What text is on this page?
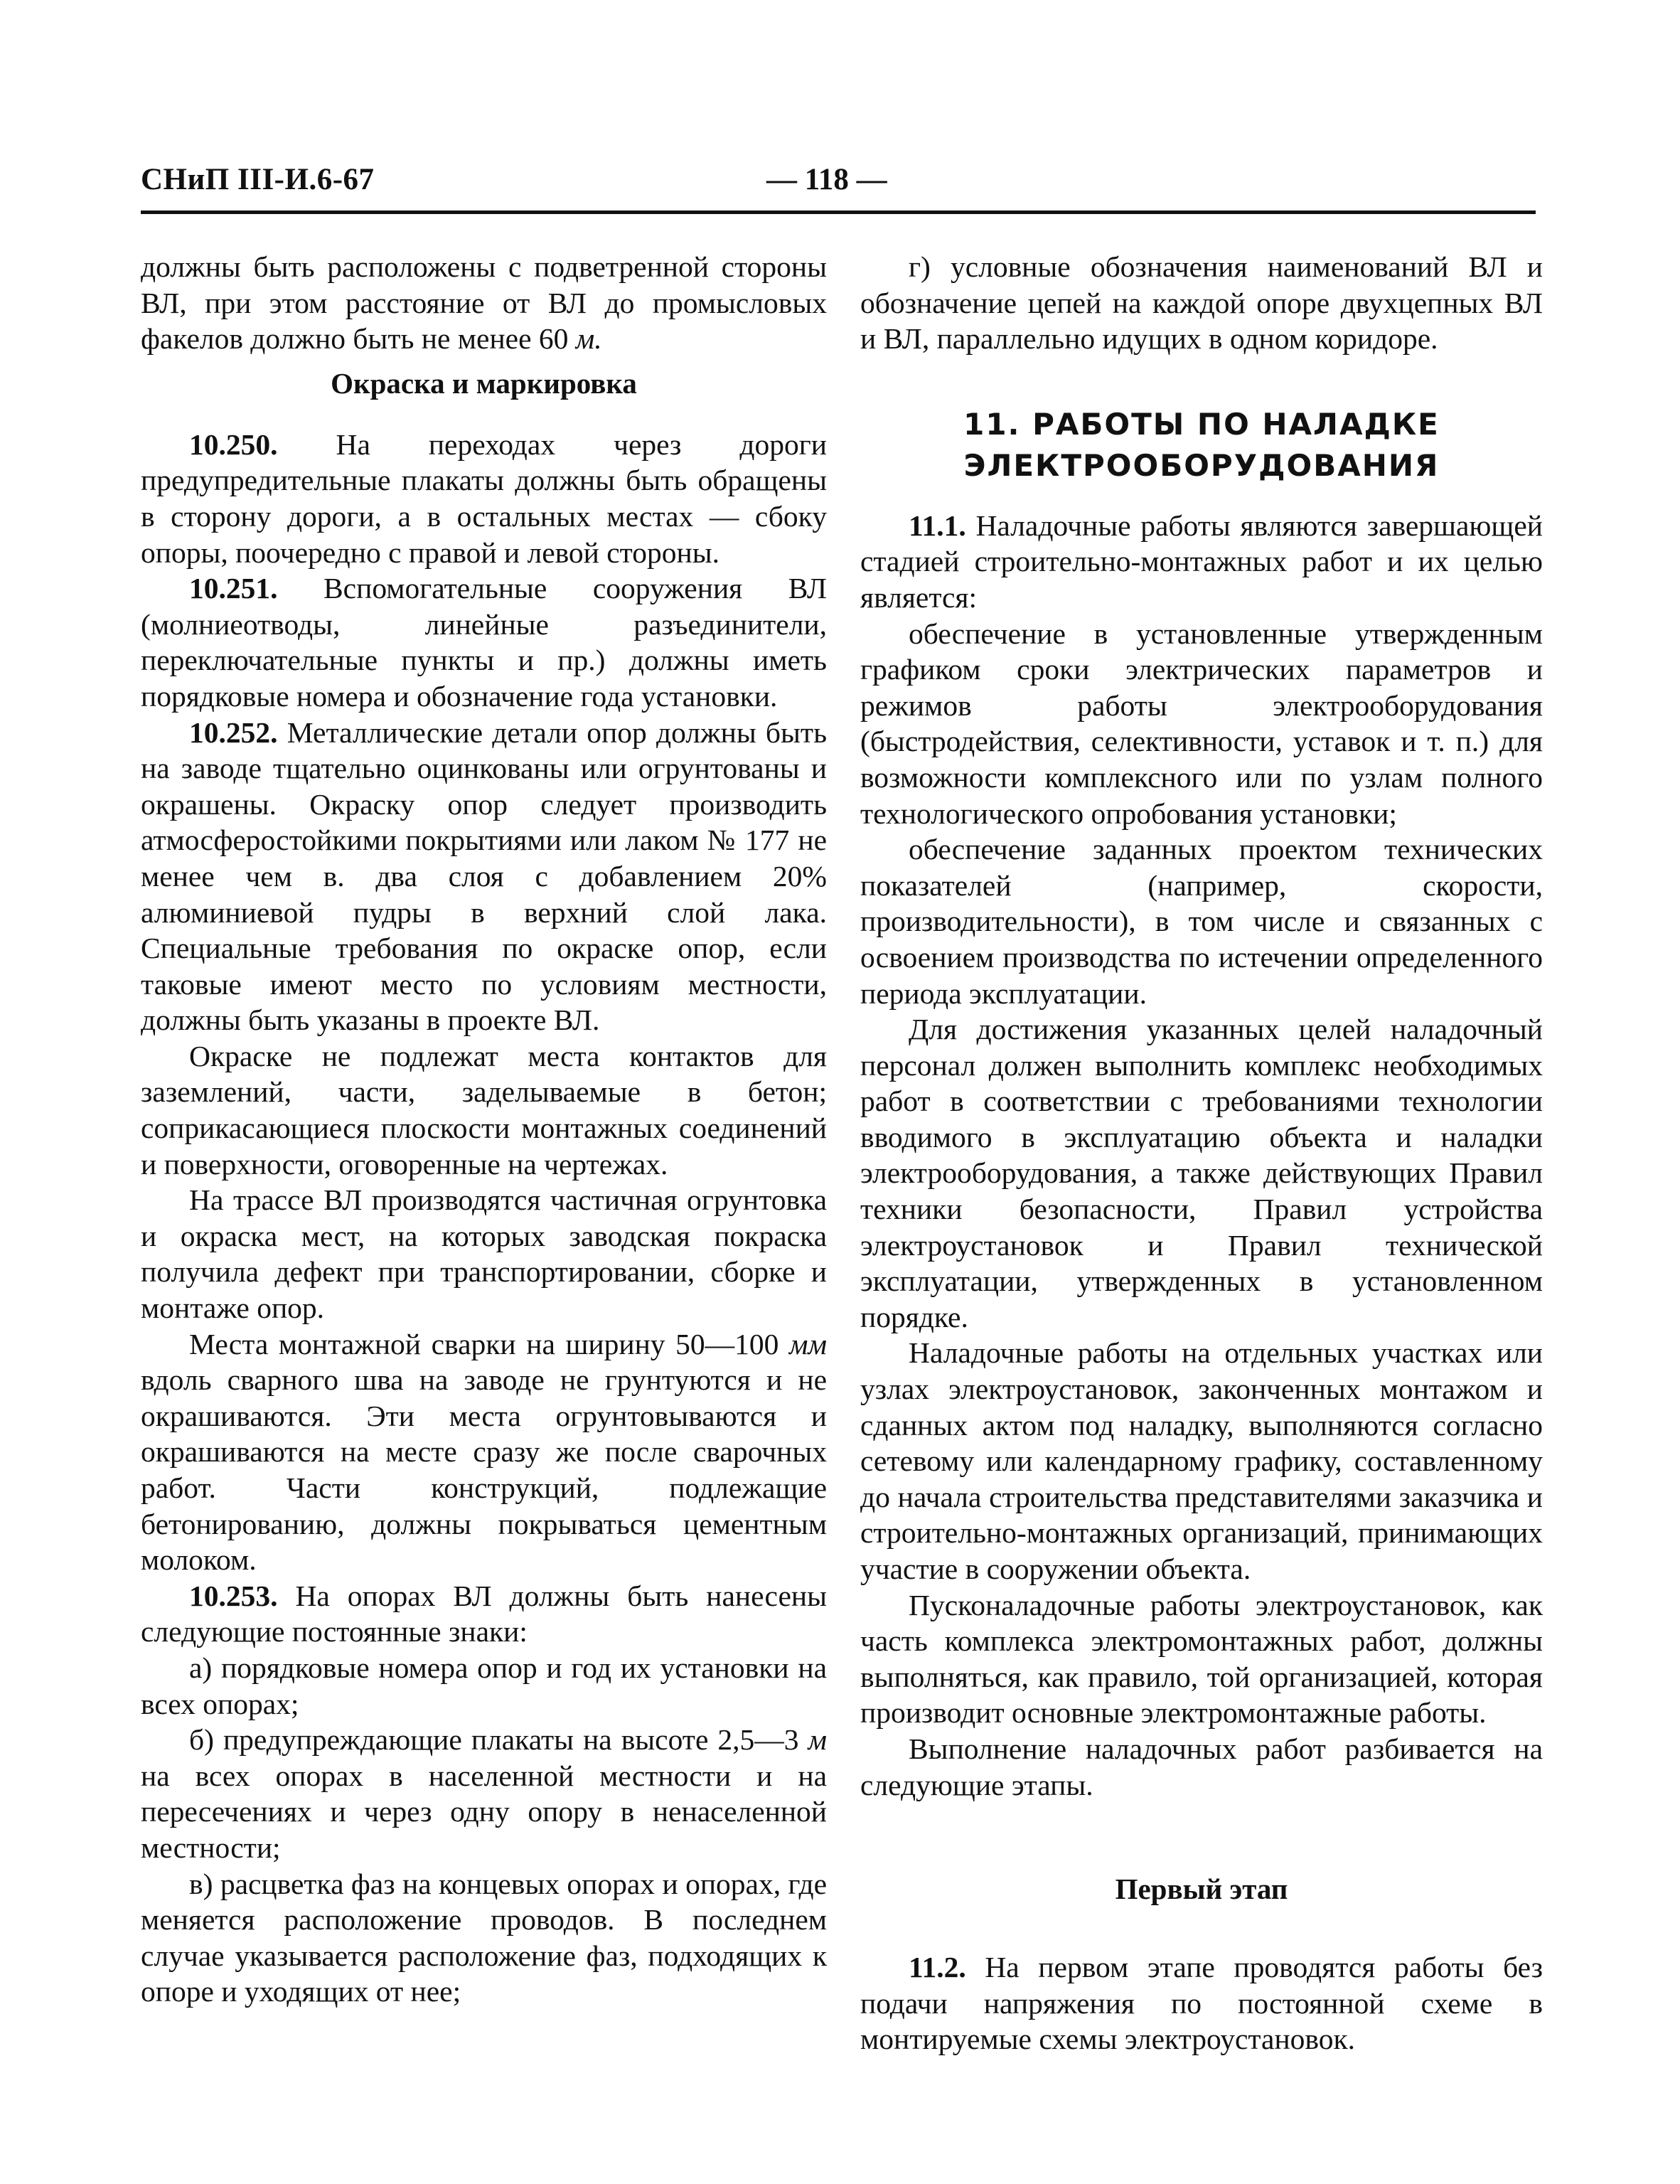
СНиП III-И.6-67	— 118 —

должны быть расположены с подветренной стороны ВЛ, при этом расстояние от ВЛ до промысловых факелов должно быть не менее 60 м.

Окраска и маркировка

10.250. На переходах через дороги предупредительные плакаты должны быть обращены в сторону дороги, а в остальных местах — сбоку опоры, поочередно с правой и левой стороны.

10.251. Вспомогательные сооружения ВЛ (молниеотводы, линейные разъединители, переключательные пункты и пр.) должны иметь порядковые номера и обозначение года установки.

10.252. Металлические детали опор должны быть на заводе тщательно оцинкованы или огрунтованы и окрашены. Окраску опор следует производить атмосферостойкими покрытиями или лаком № 177 не менее чем в. два слоя с добавлением 20% алюминиевой пудры в верхний слой лака. Специальные требования по окраске опор, если таковые имеют место по условиям местности, должны быть указаны в проекте ВЛ.

Окраске не подлежат места контактов для заземлений, части, заделываемые в бетон; соприкасающиеся плоскости монтажных соединений и поверхности, оговоренные на чертежах.

На трассе ВЛ производятся частичная огрунтовка и окраска мест, на которых заводская покраска получила дефект при транспортировании, сборке и монтаже опор.

Места монтажной сварки на ширину 50—100 мм вдоль сварного шва на заводе не грунтуются и не окрашиваются. Эти места огрунтовываются и окрашиваются на месте сразу же после сварочных работ. Части конструкций, подлежащие бетонированию, должны покрываться цементным молоком.

10.253. На опорах ВЛ должны быть нанесены следующие постоянные знаки:

а) порядковые номера опор и год их установки на всех опорах;

б) предупреждающие плакаты на высоте 2,5—3 м на всех опорах в населенной местности и на пересечениях и через одну опору в ненаселенной местности;

в) расцветка фаз на концевых опорах и опорах, где меняется расположение проводов. В последнем случае указывается расположение фаз, подходящих к опоре и уходящих от нее;

г) условные обозначения наименований ВЛ и обозначение цепей на каждой опоре двухцепных ВЛ и ВЛ, параллельно идущих в одном коридоре.

11. РАБОТЫ ПО НАЛАДКЕ
ЭЛЕКТРООБОРУДОВАНИЯ

11.1. Наладочные работы являются завершающей стадией строительно-монтажных работ и их целью является:

обеспечение в установленные утвержденным графиком сроки электрических параметров и режимов работы электрооборудования (быстродействия, селективности, уставок и т. п.) для возможности комплексного или по узлам полного технологического опробования установки;

обеспечение заданных проектом технических показателей (например, скорости, производительности), в том числе и связанных с освоением производства по истечении определенного периода эксплуатации.

Для достижения указанных целей наладочный персонал должен выполнить комплекс необходимых работ в соответствии с требованиями технологии вводимого в эксплуатацию объекта и наладки электрооборудования, а также действующих Правил техники безопасности, Правил устройства электроустановок и Правил технической эксплуатации, утвержденных в установленном порядке.

Наладочные работы на отдельных участках или узлах электроустановок, законченных монтажом и сданных актом под наладку, выполняются согласно сетевому или календарному графику, составленному до начала строительства представителями заказчика и строительно-монтажных организаций, принимающих участие в сооружении объекта.

Пусконаладочные работы электроустановок, как часть комплекса электромонтажных работ, должны выполняться, как правило, той организацией, которая производит основные электромонтажные работы.

Выполнение наладочных работ разбивается на следующие этапы.

Первый этап

11.2. На первом этапе проводятся работы без подачи напряжения по постоянной схеме в монтируемые схемы электроустановок.
